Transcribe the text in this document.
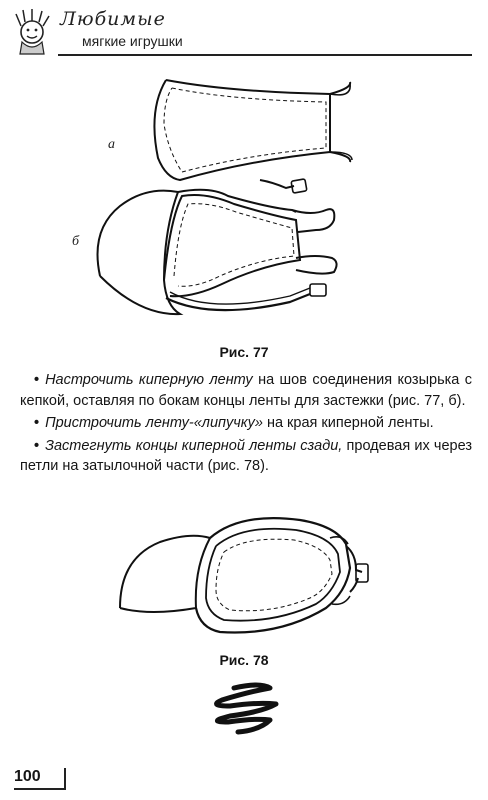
Любимые
мягкие игрушки
а
б
Рис. 77

• Настрочить киперную ленту на шов соединения козырька с кепкой, оставляя по бокам концы ленты для застежки (рис. 77, б).

• Пристрочить ленту-«липучку» на края киперной ленты.

• Застегнуть концы киперной ленты сзади, продевая их через петли на затылочной части (рис. 78).

Рис. 78
100
